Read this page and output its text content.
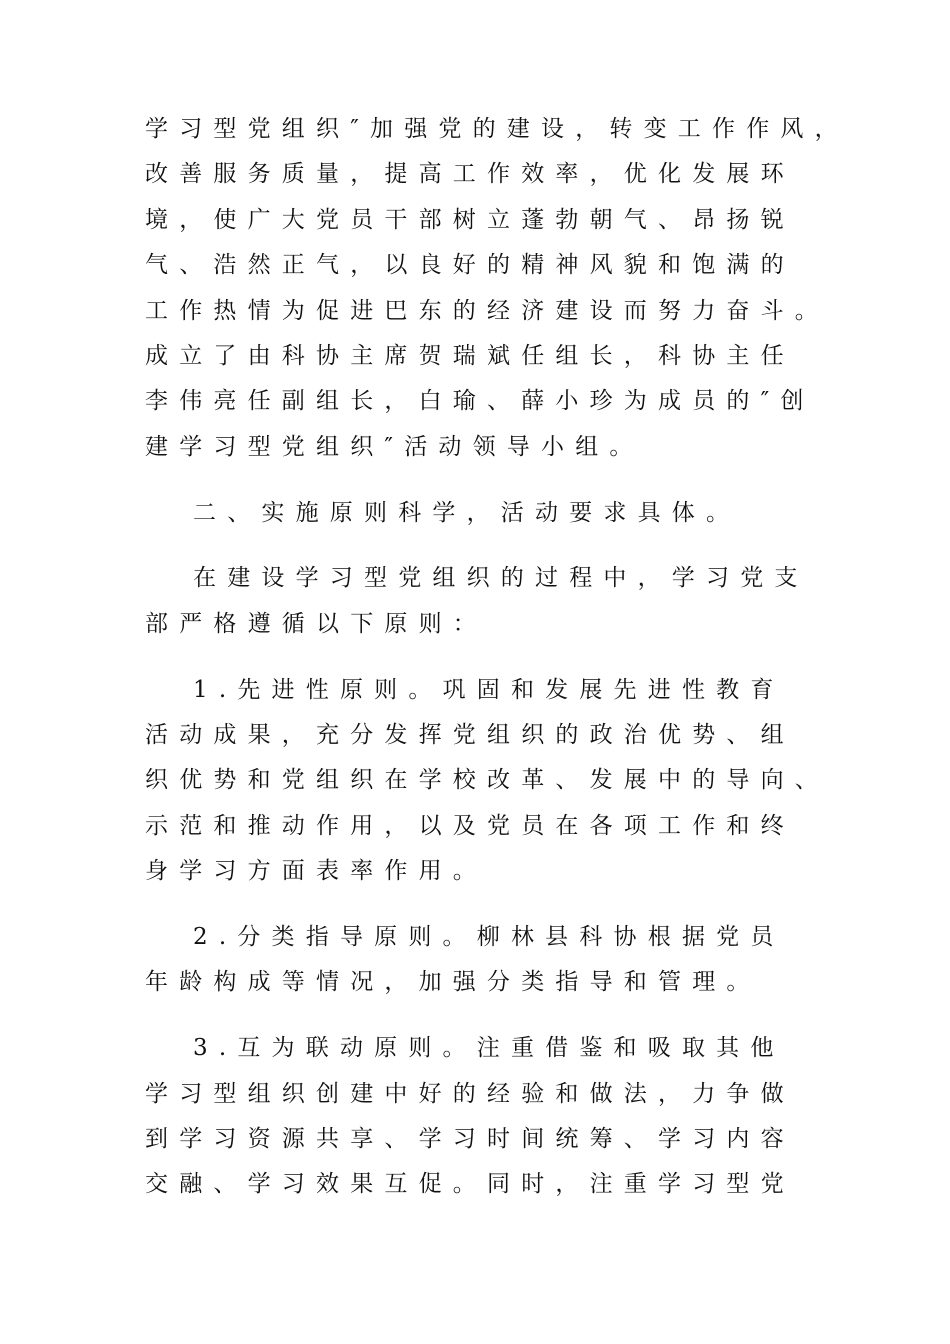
学习型党组织″加强党的建设，转变工作作风，
改善服务质量，提高工作效率，优化发展环
境，使广大党员干部树立蓬勃朝气、昂扬锐
气、浩然正气，以良好的精神风貌和饱满的
工作热情为促进巴东的经济建设而努力奋斗。
成立了由科协主席贺瑞斌任组长，科协主任
李伟亮任副组长，白瑜、薛小珍为成员的″创
建学习型党组织″活动领导小组。
二、实施原则科学，活动要求具体。
在建设学习型党组织的过程中，学习党支
部严格遵循以下原则：
1.先进性原则。巩固和发展先进性教育
活动成果，充分发挥党组织的政治优势、组
织优势和党组织在学校改革、发展中的导向、
示范和推动作用，以及党员在各项工作和终
身学习方面表率作用。
2.分类指导原则。柳林县科协根据党员
年龄构成等情况，加强分类指导和管理。
3.互为联动原则。注重借鉴和吸取其他
学习型组织创建中好的经验和做法，力争做
到学习资源共享、学习时间统筹、学习内容
交融、学习效果互促。同时，注重学习型党
